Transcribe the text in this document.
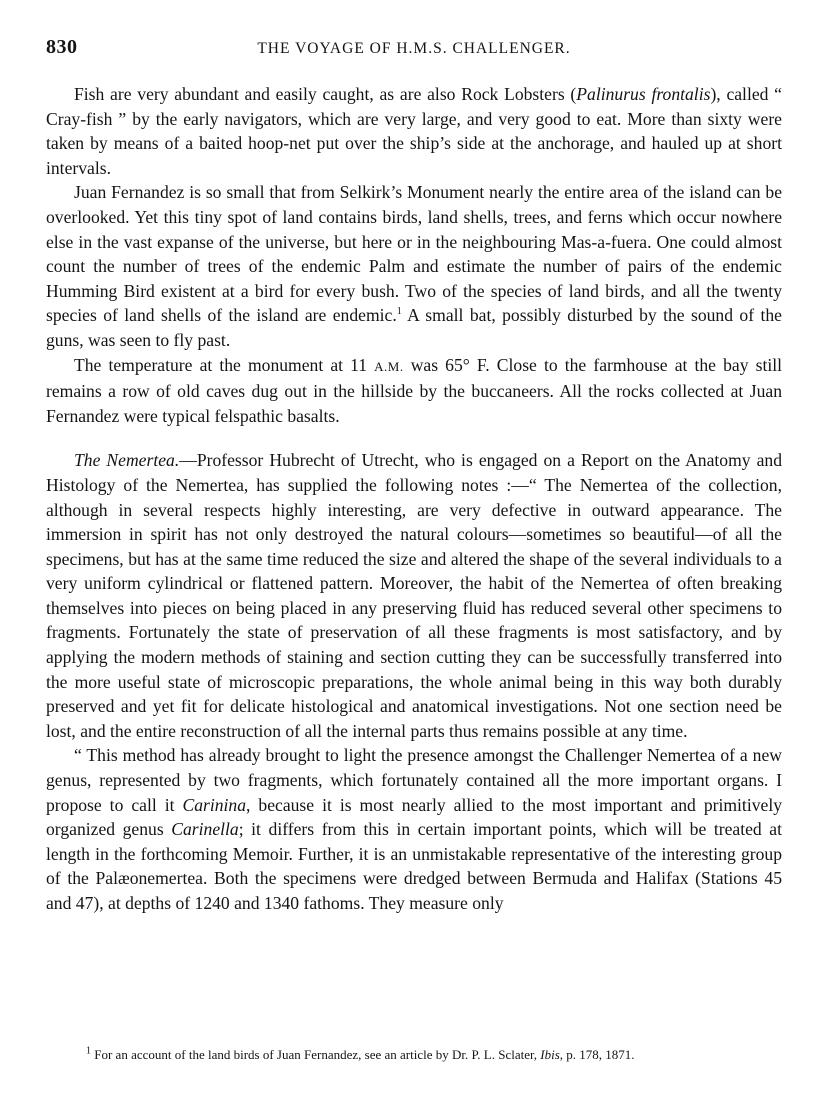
830	THE VOYAGE OF H.M.S. CHALLENGER.

Fish are very abundant and easily caught, as are also Rock Lobsters (Palinurus frontalis), called “ Cray-fish ” by the early navigators, which are very large, and very good to eat. More than sixty were taken by means of a baited hoop-net put over the ship’s side at the anchorage, and hauled up at short intervals.

Juan Fernandez is so small that from Selkirk’s Monument nearly the entire area of the island can be overlooked. Yet this tiny spot of land contains birds, land shells, trees, and ferns which occur nowhere else in the vast expanse of the universe, but here or in the neighbouring Mas-a-fuera. One could almost count the number of trees of the endemic Palm and estimate the number of pairs of the endemic Humming Bird existent at a bird for every bush. Two of the species of land birds, and all the twenty species of land shells of the island are endemic.$^1$ A small bat, possibly disturbed by the sound of the guns, was seen to fly past.

The temperature at the monument at 11 A.M. was 65° F. Close to the farmhouse at the bay still remains a row of old caves dug out in the hillside by the buccaneers. All the rocks collected at Juan Fernandez were typical felspathic basalts.

The Nemertea.—Professor Hubrecht of Utrecht, who is engaged on a Report on the Anatomy and Histology of the Nemertea, has supplied the following notes :—“ The Nemertea of the collection, although in several respects highly interesting, are very defective in outward appearance. The immersion in spirit has not only destroyed the natural colours—sometimes so beautiful—of all the specimens, but has at the same time reduced the size and altered the shape of the several individuals to a very uniform cylindrical or flattened pattern. Moreover, the habit of the Nemertea of often breaking themselves into pieces on being placed in any preserving fluid has reduced several other specimens to fragments. Fortunately the state of preservation of all these fragments is most satisfactory, and by applying the modern methods of staining and section cutting they can be successfully transferred into the more useful state of microscopic preparations, the whole animal being in this way both durably preserved and yet fit for delicate histological and anatomical investigations. Not one section need be lost, and the entire reconstruction of all the internal parts thus remains possible at any time.

“ This method has already brought to light the presence amongst the Challenger Nemertea of a new genus, represented by two fragments, which fortunately contained all the more important organs. I propose to call it Carinina, because it is most nearly allied to the most important and primitively organized genus Carinella; it differs from this in certain important points, which will be treated at length in the forthcoming Memoir. Further, it is an unmistakable representative of the interesting group of the Palæonemertea. Both the specimens were dredged between Bermuda and Halifax (Stations 45 and 47), at depths of 1240 and 1340 fathoms. They measure only

$^1$ For an account of the land birds of Juan Fernandez, see an article by Dr. P. L. Sclater, Ibis, p. 178, 1871.
